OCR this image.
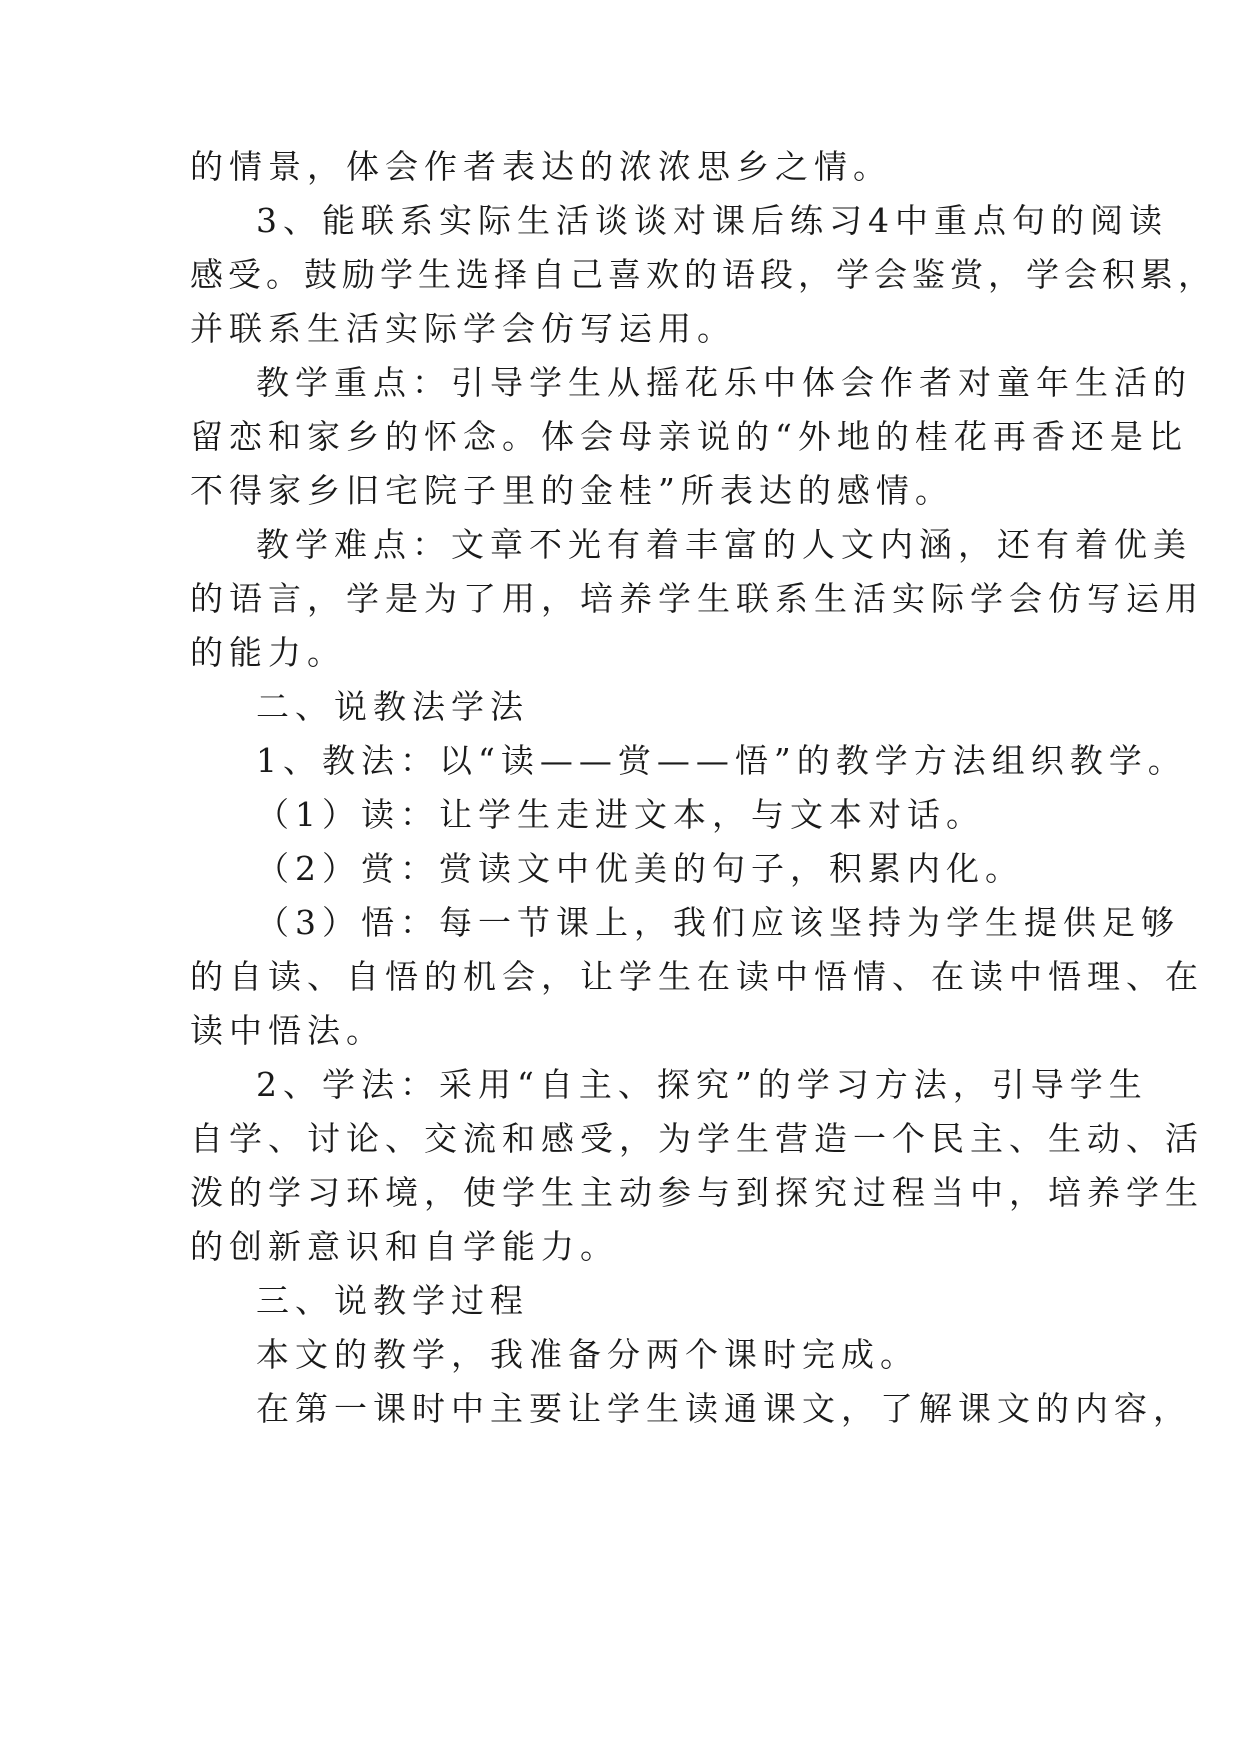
的情景，体会作者表达的浓浓思乡之情。
3、能联系实际生活谈谈对课后练习4中重点句的阅读
感受。鼓励学生选择自己喜欢的语段，学会鉴赏，学会积累，
并联系生活实际学会仿写运用。
教学重点：引导学生从摇花乐中体会作者对童年生活的
留恋和家乡的怀念。体会母亲说的“外地的桂花再香还是比
不得家乡旧宅院子里的金桂”所表达的感情。
教学难点：文章不光有着丰富的人文内涵，还有着优美
的语言，学是为了用，培养学生联系生活实际学会仿写运用
的能力。
二、说教法学法
1、教法：以“读——赏——悟”的教学方法组织教学。
（1）读：让学生走进文本，与文本对话。
（2）赏：赏读文中优美的句子，积累内化。
（3）悟：每一节课上，我们应该坚持为学生提供足够
的自读、自悟的机会，让学生在读中悟情、在读中悟理、在
读中悟法。
2、学法：采用“自主、探究”的学习方法，引导学生
自学、讨论、交流和感受，为学生营造一个民主、生动、活
泼的学习环境，使学生主动参与到探究过程当中，培养学生
的创新意识和自学能力。
三、说教学过程
本文的教学，我准备分两个课时完成。
在第一课时中主要让学生读通课文，了解课文的内容，
